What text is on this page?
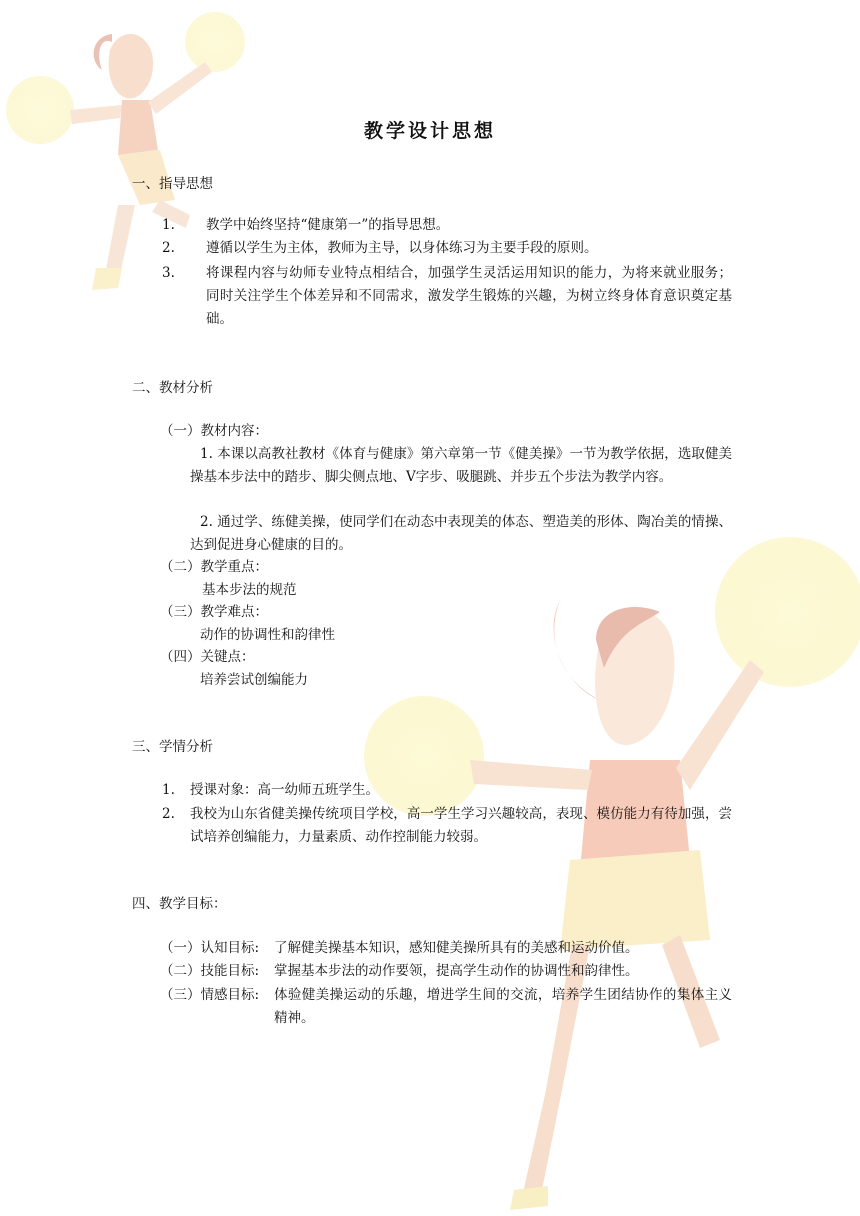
教学设计思想
一、指导思想
1. 教学中始终坚持“健康第一”的指导思想。
2. 遵循以学生为主体，教师为主导，以身体练习为主要手段的原则。
3. 将课程内容与幼师专业特点相结合，加强学生灵活运用知识的能力，为将来就业服务；同时关注学生个体差异和不同需求，激发学生锻炼的兴趣，为树立终身体育意识奠定基础。
二、教材分析
（一）教材内容：
1. 本课以高教社教材《体育与健康》第六章第一节《健美操》一节为教学依据，选取健美操基本步法中的踏步、脚尖侧点地、V字步、吸腿跳、并步五个步法为教学内容。
2. 通过学、练健美操，使同学们在动态中表现美的体态、塑造美的形体、陶冶美的情操、达到促进身心健康的目的。
（二）教学重点：
基本步法的规范
（三）教学难点：
动作的协调性和韵律性
（四）关键点：
培养尝试创编能力
三、学情分析
1. 授课对象：高一幼师五班学生。
2. 我校为山东省健美操传统项目学校，高一学生学习兴趣较高，表现、模仿能力有待加强，尝试培养创编能力，力量素质、动作控制能力较弱。
四、教学目标：
（一）认知目标: 了解健美操基本知识，感知健美操所具有的美感和运动价值。
（二）技能目标: 掌握基本步法的动作要领，提高学生动作的协调性和韵律性。
（三）情感目标: 体验健美操运动的乐趣，增进学生间的交流，培养学生团结协作的集体主义精神。
